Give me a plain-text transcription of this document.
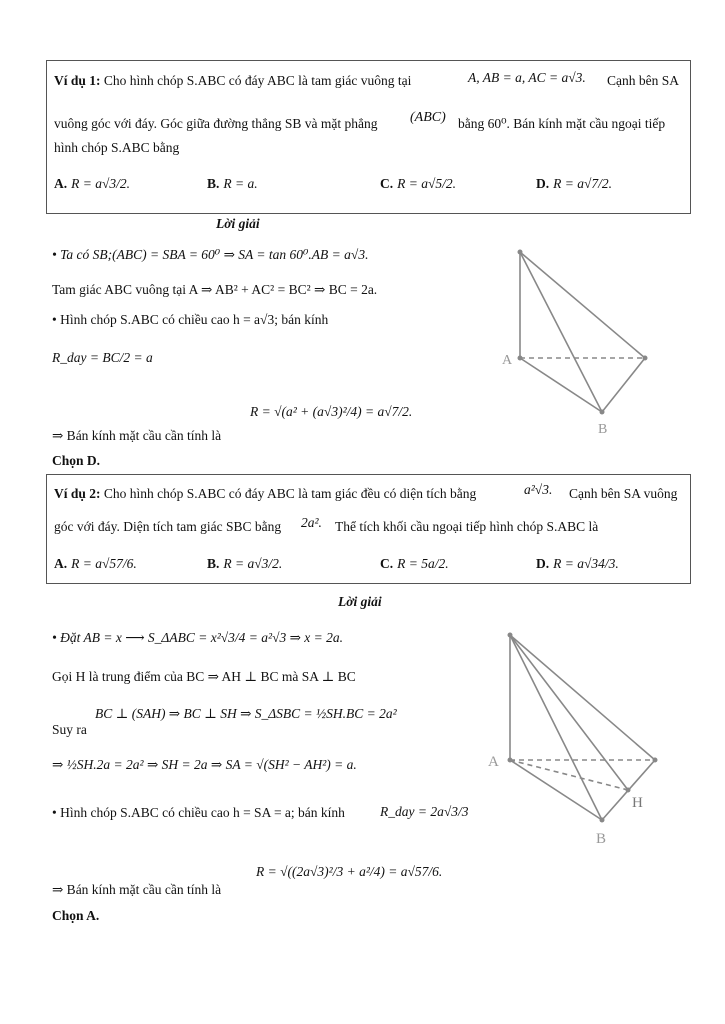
Ví dụ 1: Cho hình chóp S.ABC có đáy ABC là tam giác vuông tại	A, AB = a, AC = a√3. Cạnh bên SA
vuông góc với đáy. Góc giữa đường thẳng SB và mặt phẳng (ABC) bằng 60⁰. Bán kính mặt cầu ngoại tiếp
hình chóp S.ABC bằng
A. R = a√3/2.	B. R = a.	C. R = a√5/2.	D. R = a√7/2.
Lời giải
• Ta có SB;(ABC) = SBA = 60⁰ ⇒ SA = tan 60⁰.AB = a√3.
Tam giác ABC vuông tại A ⇒ AB² + AC² = BC² ⇒ BC = 2a.
• Hình chóp S.ABC có chiều cao h = a√3; bán kính
R_day = BC/2 = a
⇒ Bán kính mặt cầu cần tính là
R = √(a² + (a√3)²/4) = a√7/2.
Chọn D.
A
B
Ví dụ 2: Cho hình chóp S.ABC có đáy ABC là tam giác đều có diện tích bằng	a²√3. Cạnh bên SA vuông
góc với đáy. Diện tích tam giác SBC bằng 2a². Thể tích khối cầu ngoại tiếp hình chóp S.ABC là
A. R = a√57/6.	B. R = a√3/2.	C. R = 5a/2.	D. R = a√34/3.
Lời giải
• Đặt AB = x ⟶ S_ΔABC = x²√3/4 = a²√3 ⇒ x = 2a.
Gọi H là trung điểm của BC ⇒ AH ⊥ BC mà SA ⊥ BC
BC ⊥ (SAH) ⇒ BC ⊥ SH ⇒ S_ΔSBC = ½SH.BC = 2a²
Suy ra
⇒ ½SH.2a = 2a² ⇒ SH = 2a ⇒ SA = √(SH² − AH²) = a.
• Hình chóp S.ABC có chiều cao h = SA = a; bán kính	R_day = 2a√3/3
⇒ Bán kính mặt cầu cần tính là
R = √((2a√3)²/3 + a²/4) = a√57/6.
Chọn A.
A
B
H
